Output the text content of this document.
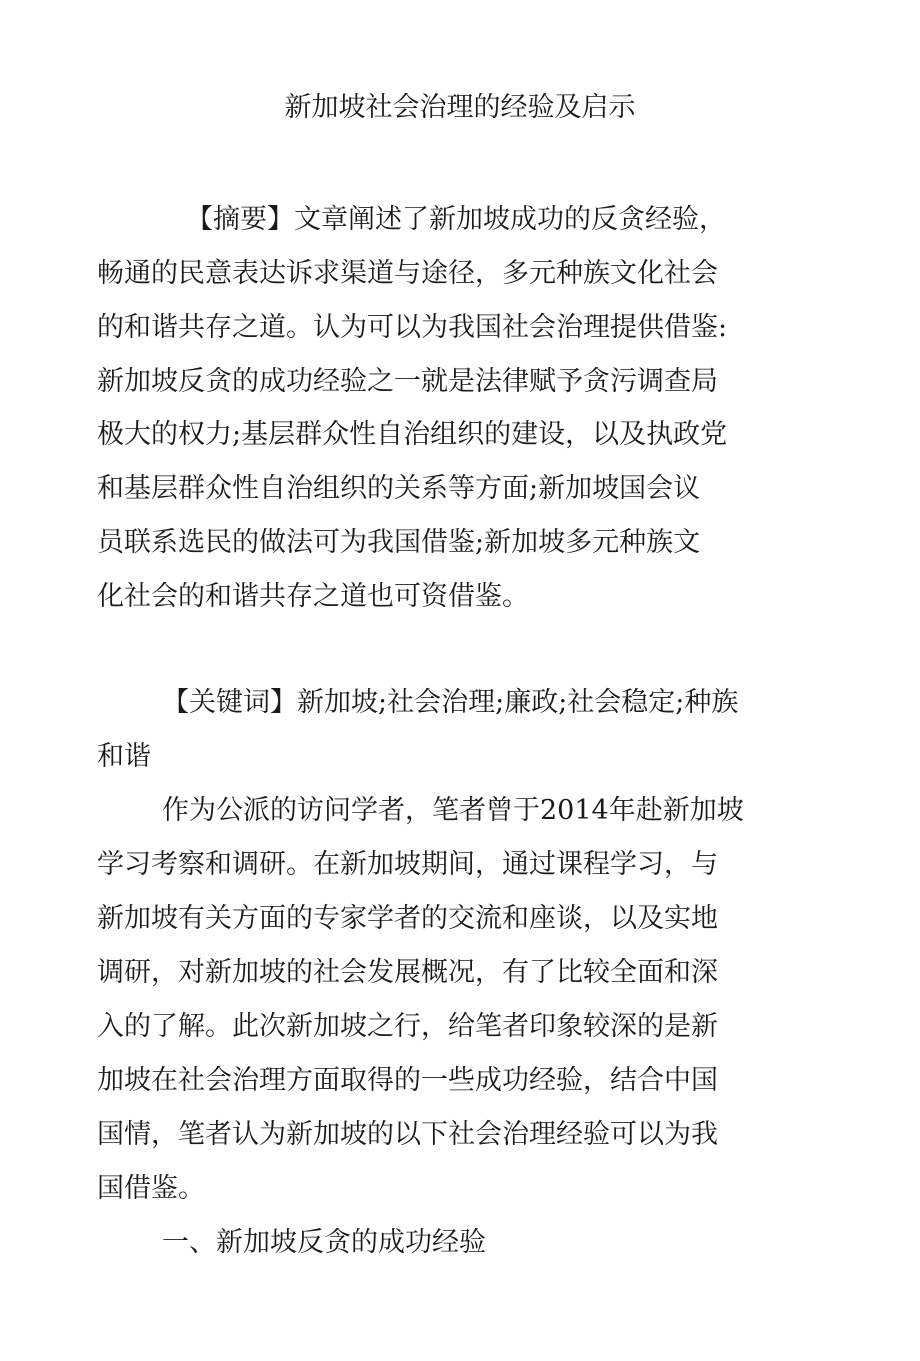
新加坡社会治理的经验及启示

【摘要】文章阐述了新加坡成功的反贪经验，

畅通的民意表达诉求渠道与途径，多元种族文化社会

的和谐共存之道。认为可以为我国社会治理提供借鉴:

新加坡反贪的成功经验之一就是法律赋予贪污调查局

极大的权力;基层群众性自治组织的建设，以及执政党

和基层群众性自治组织的关系等方面;新加坡国会议

员联系选民的做法可为我国借鉴;新加坡多元种族文

化社会的和谐共存之道也可资借鉴。

【关键词】新加坡;社会治理;廉政;社会稳定;种族

和谐

作为公派的访问学者，笔者曾于2014年赴新加坡

学习考察和调研。在新加坡期间，通过课程学习，与

新加坡有关方面的专家学者的交流和座谈，以及实地

调研，对新加坡的社会发展概况，有了比较全面和深

入的了解。此次新加坡之行，给笔者印象较深的是新

加坡在社会治理方面取得的一些成功经验，结合中国

国情，笔者认为新加坡的以下社会治理经验可以为我

国借鉴。

一、新加坡反贪的成功经验
